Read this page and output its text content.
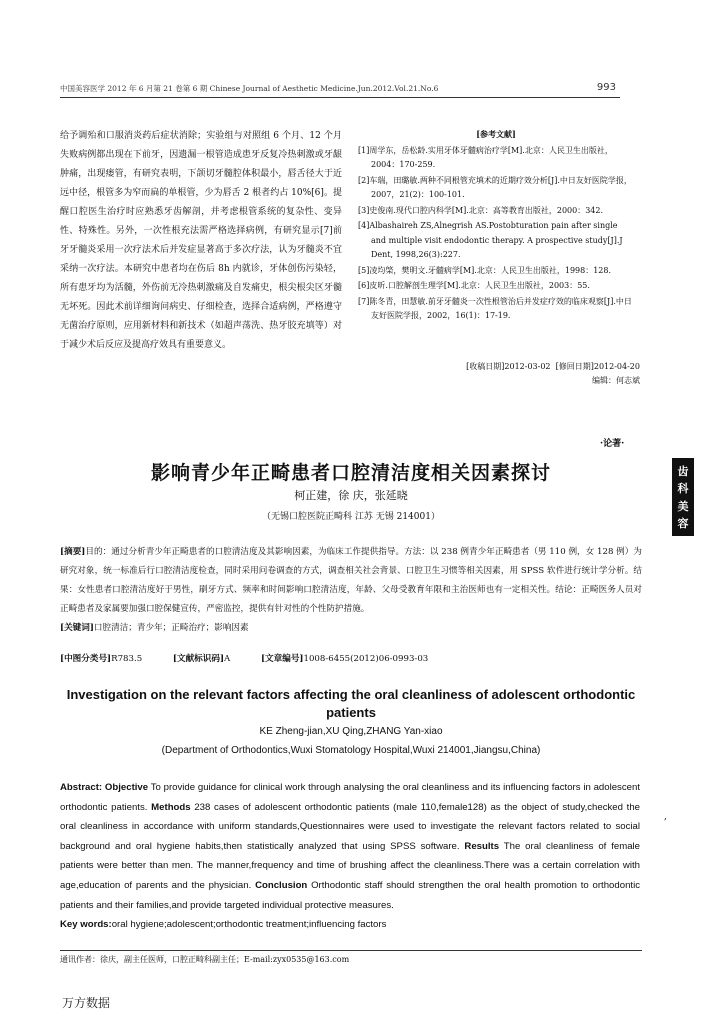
中国美容医学 2012 年 6 月第 21 卷第 6 期 Chinese Journal of Aesthetic Medicine.Jun.2012.Vol.21.No.6	993
给予调殆和口服消炎药后症状消除；实验组与对照组 6 个月、12 个月失败病例都出现在下前牙，因遗漏一根管造成患牙反复冷热刺激或牙龈肿痛，出现瘘管，有研究表明，下颌切牙髓腔体积最小，唇舌径大于近远中径，根管多为窄而扁的单根管，少为唇舌 2 根者约占 10%[6]。提醒口腔医生治疗时应熟悉牙齿解剖，并考虑根管系统的复杂性、变异性、特殊性。另外，一次性根充法需严格选择病例，有研究显示[7]前牙牙髓炎采用一次疗法术后并发症显著高于多次疗法，认为牙髓炎不宜采纳一次疗法。本研究中患者均在伤后 8h 内就诊，牙体创伤污染轻，所有患牙均为活髓，外伤前无冷热刺激痛及自发痛史，根尖根尖区牙髓无坏死。因此术前详细询问病史、仔细检查，选择合适病例，严格遵守无菌治疗原则，应用新材料和新技术（如超声荡洗、热牙胶充填等）对于减少术后反应及提高疗效具有重要意义。
[参考文献]
[1]周学东，岳松龄.实用牙体牙髓病治疗学[M].北京：人民卫生出版社，2004：170-259.
[2]车瑞，田璐敏.两种不同根管充填术的近期疗效分析[J].中日友好医院学报，2007，21(2)：100-101.
[3]史俊南.现代口腔内科学[M].北京：高等教育出版社，2000：342.
[4]Albashaireh ZS,Alnegrish AS.Postobturation pain after single and multiple visit endodontic therapy. A prospective study[J].J Dent, 1998,26(3):227.
[5]凌均棨，樊明文.牙髓病学[M].北京：人民卫生出版社，1998：128.
[6]皮昕.口腔解剖生理学[M].北京：人民卫生出版社，2003：55.
[7]陈冬青，田慧敏.前牙牙髓炎一次性根管治后并发症疗效的临床观察[J].中日友好医院学报，2002，16(1)：17-19.
[收稿日期]2012-03-02 [修回日期]2012-04-20
编辑：何志斌
·论著·
齿
科
美
容
影响青少年正畸患者口腔清洁度相关因素探讨
柯正建，徐 庆，张延晓
（无锡口腔医院正畸科 江苏 无锡 214001）
[摘要]目的：通过分析青少年正畸患者的口腔清洁度及其影响因素，为临床工作提供指导。方法：以 238 例青少年正畸患者（男 110 例，女 128 例）为研究对象，统一标准后行口腔清洁度检查，同时采用问卷调查的方式，调查相关社会背景、口腔卫生习惯等相关因素，用 SPSS 软件进行统计学分析。结果：女性患者口腔清洁度好于男性，刷牙方式、频率和时间影响口腔清洁度，年龄、父母受教育年限和主治医师也有一定相关性。结论：正畸医务人员对正畸患者及家属要加强口腔保健宣传，严密监控，提供有针对性的个性防护措施。
[关键词]口腔清洁；青少年；正畸治疗；影响因素
[中图分类号]R783.5	[文献标识码]A	[文章编号]1008-6455(2012)06-0993-03
Investigation on the relevant factors affecting the oral cleanliness of adolescent orthodontic patients
KE Zheng-jian,XU Qing,ZHANG Yan-xiao
(Department of Orthodontics,Wuxi Stomatology Hospital,Wuxi 214001,Jiangsu,China)
Abstract: Objective To provide guidance for clinical work through analysing the oral cleanliness and its influencing factors in adolescent orthodontic patients. Methods 238 cases of adolescent orthodontic patients (male 110,female128) as the object of study,checked the oral cleanliness in accordance with uniform standards,Questionnaires were used to investigate the relevant factors related to social background and oral hygiene habits,then statistically analyzed that using SPSS software. Results The oral cleanliness of female patients were better than men. The manner,frequency and time of brushing affect the cleanliness.There was a certain correlation with age,education of parents and the physician. Conclusion Orthodontic staff should strengthen the oral health promotion to orthodontic patients and their families,and provide targeted individual protective measures.
Key words:oral hygiene;adolescent;orthodontic treatment;influencing factors
,
通讯作者：徐庆，副主任医师，口腔正畸科副主任；E-mail:zyx0535@163.com
万方数据
